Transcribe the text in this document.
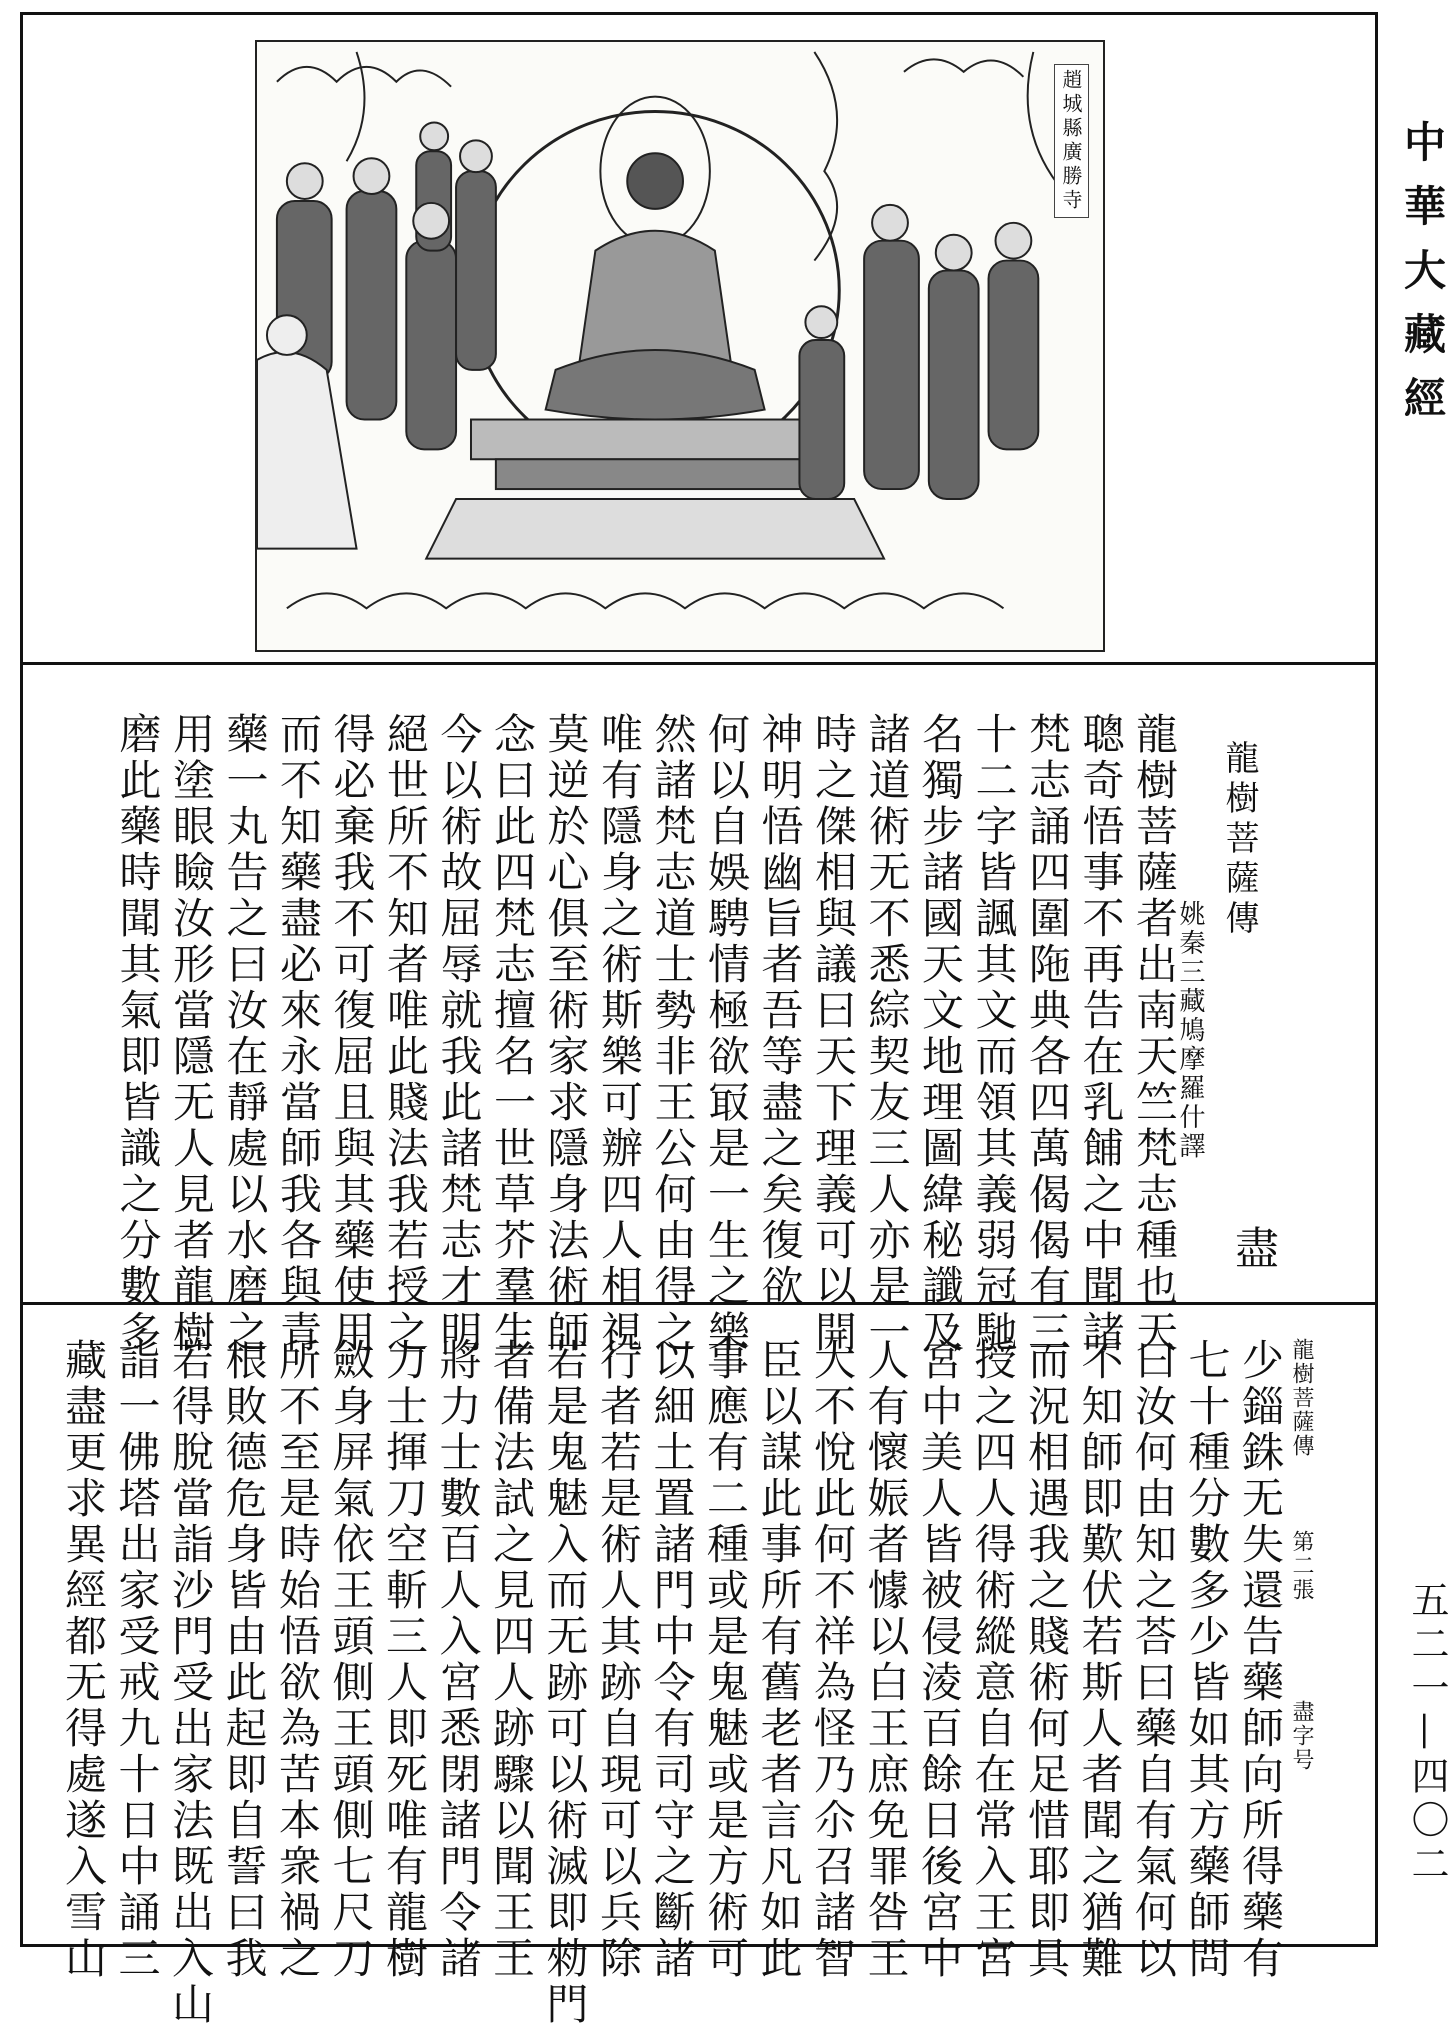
趙城縣廣勝寺	中華大藏經
五二一—四〇二
龍樹菩薩傳
姚秦三藏鳩摩羅什譯
盡
龍樹菩薩者出南天竺梵志種也天
聰奇悟事不再告在乳餔之中聞諸
梵志誦四圍陁典各四萬偈偈有三
十二字皆諷其文而領其義弱冠馳
名獨步諸國天文地理圖緯秘讖及
諸道術无不悉綜契友三人亦是一
時之傑相與議曰天下理義可以開
神明悟幽旨者吾等盡之矣復欲
何以自娛騁情極欲冣是一生之樂
然諸梵志道士勢非王公何由得之
唯有隱身之術斯樂可辦四人相視
莫逆於心俱至術家求隱身法術師
念曰此四梵志擅名一世草芥羣生
今以術故屈辱就我此諸梵志才明
絕世所不知者唯此賤法我若授之
得必棄我不可復屈且與其藥使用
而不知藥盡必來永當師我各與青
藥一丸告之曰汝在靜處以水磨之
用塗眼瞼汝形當隱无人見者龍樹
磨此藥時聞其氣即皆識之分數多
龍樹菩薩傳
第二張
盡字号
少錙銖无失還告藥師向所得藥有
七十種分數多少皆如其方藥師問
曰汝何由知之荅曰藥自有氣何以
不知師即歎伏若斯人者聞之猶難
而況相遇我之賤術何足惜耶即具
授之四人得術縱意自在常入王宮
宮中美人皆被侵淩百餘日後宮中
人有懷娠者懅以白王庶免罪咎王
大不悅此何不祥為怪乃尒召諸智
臣以謀此事所有舊老者言凡如此
事應有二種或是鬼魅或是方術可
以細土置諸門中令有司守之斷諸
行者若是術人其跡自現可以兵除
若是鬼魅入而无跡可以術滅即勑門
者備法試之見四人跡驟以聞王王
將力士數百人入宮悉閉諸門令諸
力士揮刀空斬三人即死唯有龍樹
斂身屏氣依王頭側王頭側七尺刀
所不至是時始悟欲為苦本衆禍之
根敗德危身皆由此起即自誓曰我
若得脫當詣沙門受出家法既出入山
詣一佛塔出家受戒九十日中誦三
藏盡更求異經都无得處遂入雪山
